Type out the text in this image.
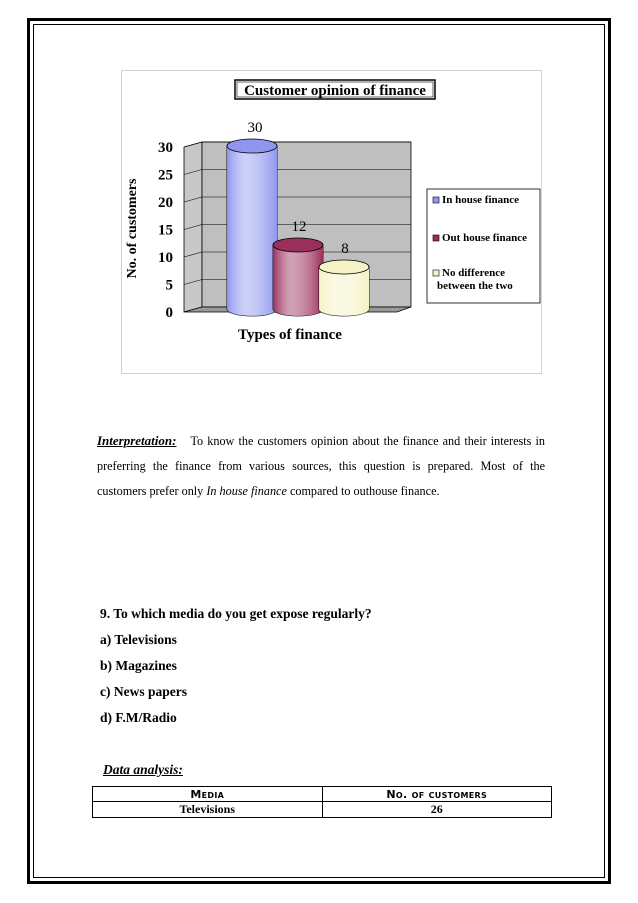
0
5
10
15
20
25
30
No. of customers
Customer opinion of finance
30
12
8
Types of finance
In house finance
Out house finance
No difference
between the two
Interpretation: To know the customers opinion about the finance and their interests in preferring the finance from various sources, this question is prepared. Most of the customers prefer only In house finance compared to outhouse finance.
9. To which media do you get expose regularly?
a) Televisions
b) Magazines
c) News papers
d) F.M/Radio
Data analysis:
Media	No. of customers
Televisions	26
